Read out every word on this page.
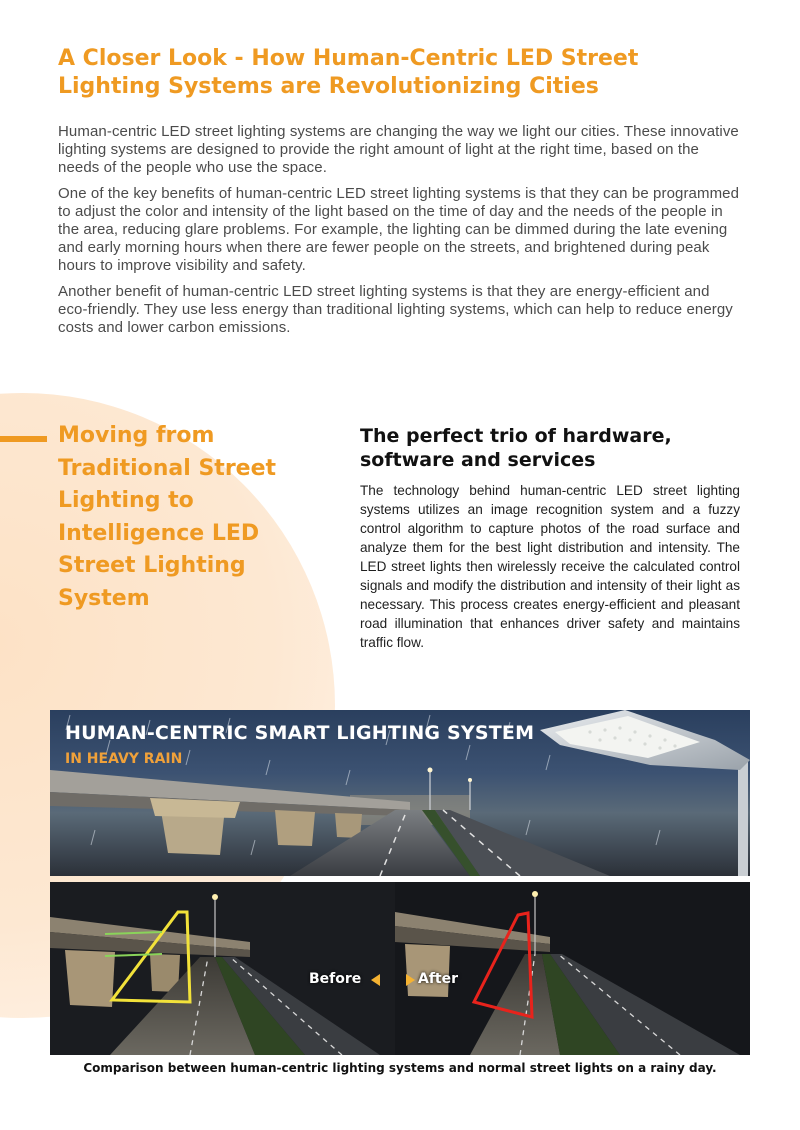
A Closer Look - How Human-Centric LED Street Lighting Systems are Revolutionizing Cities

Human-centric LED street lighting systems are changing the way we light our cities. These innovative lighting systems are designed to provide the right amount of light at the right time, based on the needs of the people who use the space.

One of the key benefits of human-centric LED street lighting systems is that they can be programmed to adjust the color and intensity of the light based on the time of day and the needs of the people in the area, reducing glare problems. For example, the lighting can be dimmed during the late evening and early morning hours when there are fewer people on the streets, and brightened during peak hours to improve visibility and safety.

Another benefit of human-centric LED street lighting systems is that they are energy-efficient and eco-friendly. They use less energy than traditional lighting systems, which can help to reduce energy costs and lower carbon emissions.

Moving from Traditional Street Lighting to Intelligence LED Street Lighting System
The perfect trio of hardware, software and services

The technology behind human-centric LED street lighting systems utilizes an image recognition system and a fuzzy control algorithm to capture photos of the road surface and analyze them for the best light distribution and intensity. The LED street lights then wirelessly receive the calculated control signals and modify the distribution and intensity of their light as necessary. This process creates energy-efficient and pleasant road illumination that enhances driver safety and maintains traffic flow.

HUMAN-CENTRIC SMART LIGHTING SYSTEM
IN HEAVY RAIN
Before	After
Comparison between human-centric lighting systems and normal street lights on a rainy day.
